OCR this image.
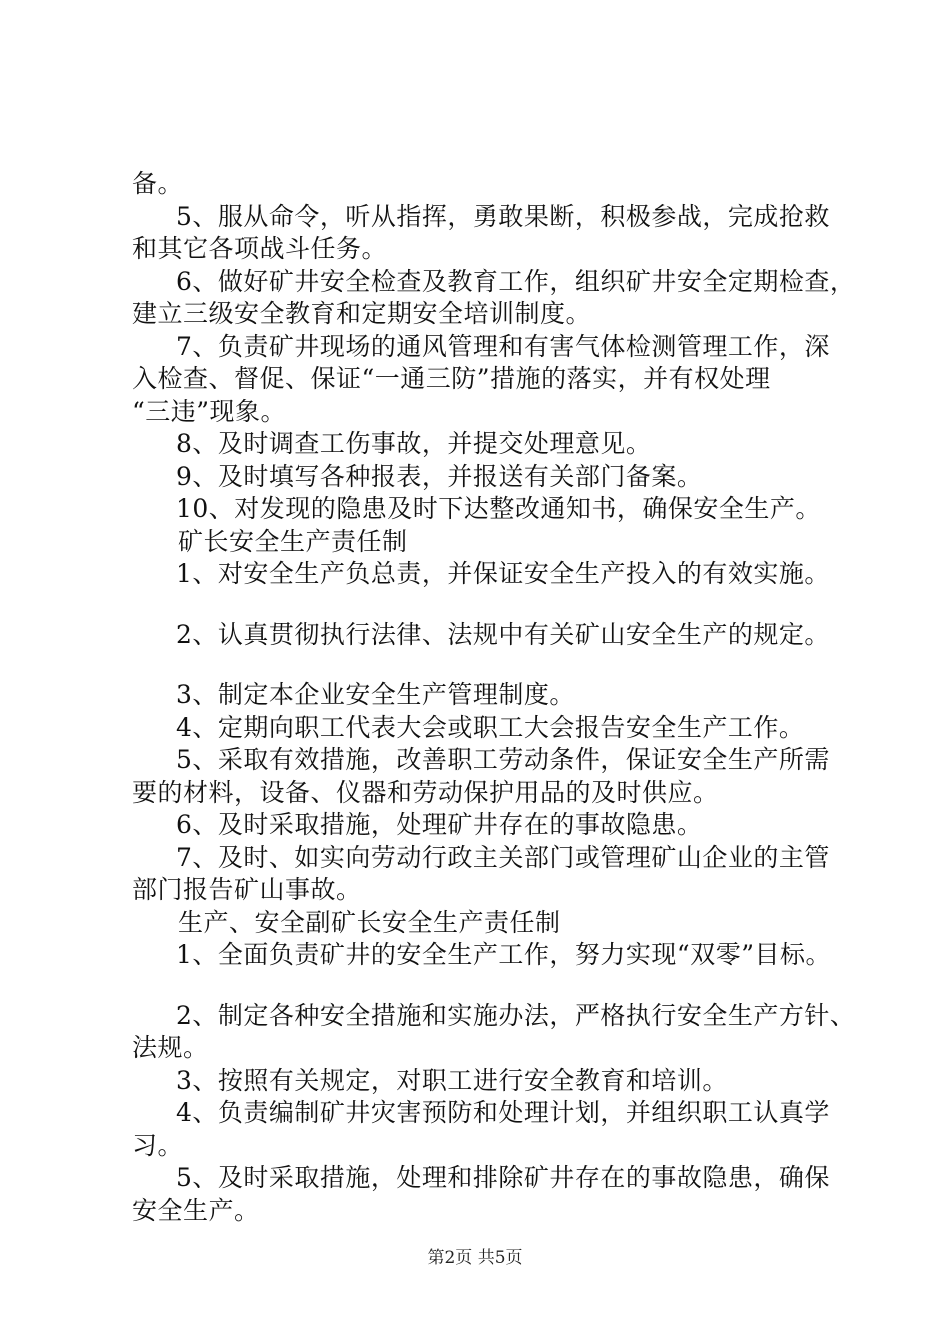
备。
5、服从命令，听从指挥，勇敢果断，积极参战，完成抢救
和其它各项战斗任务。
6、做好矿井安全检查及教育工作，组织矿井安全定期检查，
建立三级安全教育和定期安全培训制度。
7、负责矿井现场的通风管理和有害气体检测管理工作，深
入检查、督促、保证“一通三防”措施的落实，并有权处理
“三违”现象。
8、及时调查工伤事故，并提交处理意见。
9、及时填写各种报表，并报送有关部门备案。
10、对发现的隐患及时下达整改通知书，确保安全生产。
矿长安全生产责任制
1、对安全生产负总责，并保证安全生产投入的有效实施。
2、认真贯彻执行法律、法规中有关矿山安全生产的规定。
3、制定本企业安全生产管理制度。
4、定期向职工代表大会或职工大会报告安全生产工作。
5、采取有效措施，改善职工劳动条件，保证安全生产所需
要的材料，设备、仪器和劳动保护用品的及时供应。
6、及时采取措施，处理矿井存在的事故隐患。
7、及时、如实向劳动行政主关部门或管理矿山企业的主管
部门报告矿山事故。
生产、安全副矿长安全生产责任制
1、全面负责矿井的安全生产工作，努力实现“双零”目标。
2、制定各种安全措施和实施办法，严格执行安全生产方针、
法规。
3、按照有关规定，对职工进行安全教育和培训。
4、负责编制矿井灾害预防和处理计划，并组织职工认真学
习。
5、及时采取措施，处理和排除矿井存在的事故隐患，确保
安全生产。
第2页 共5页
